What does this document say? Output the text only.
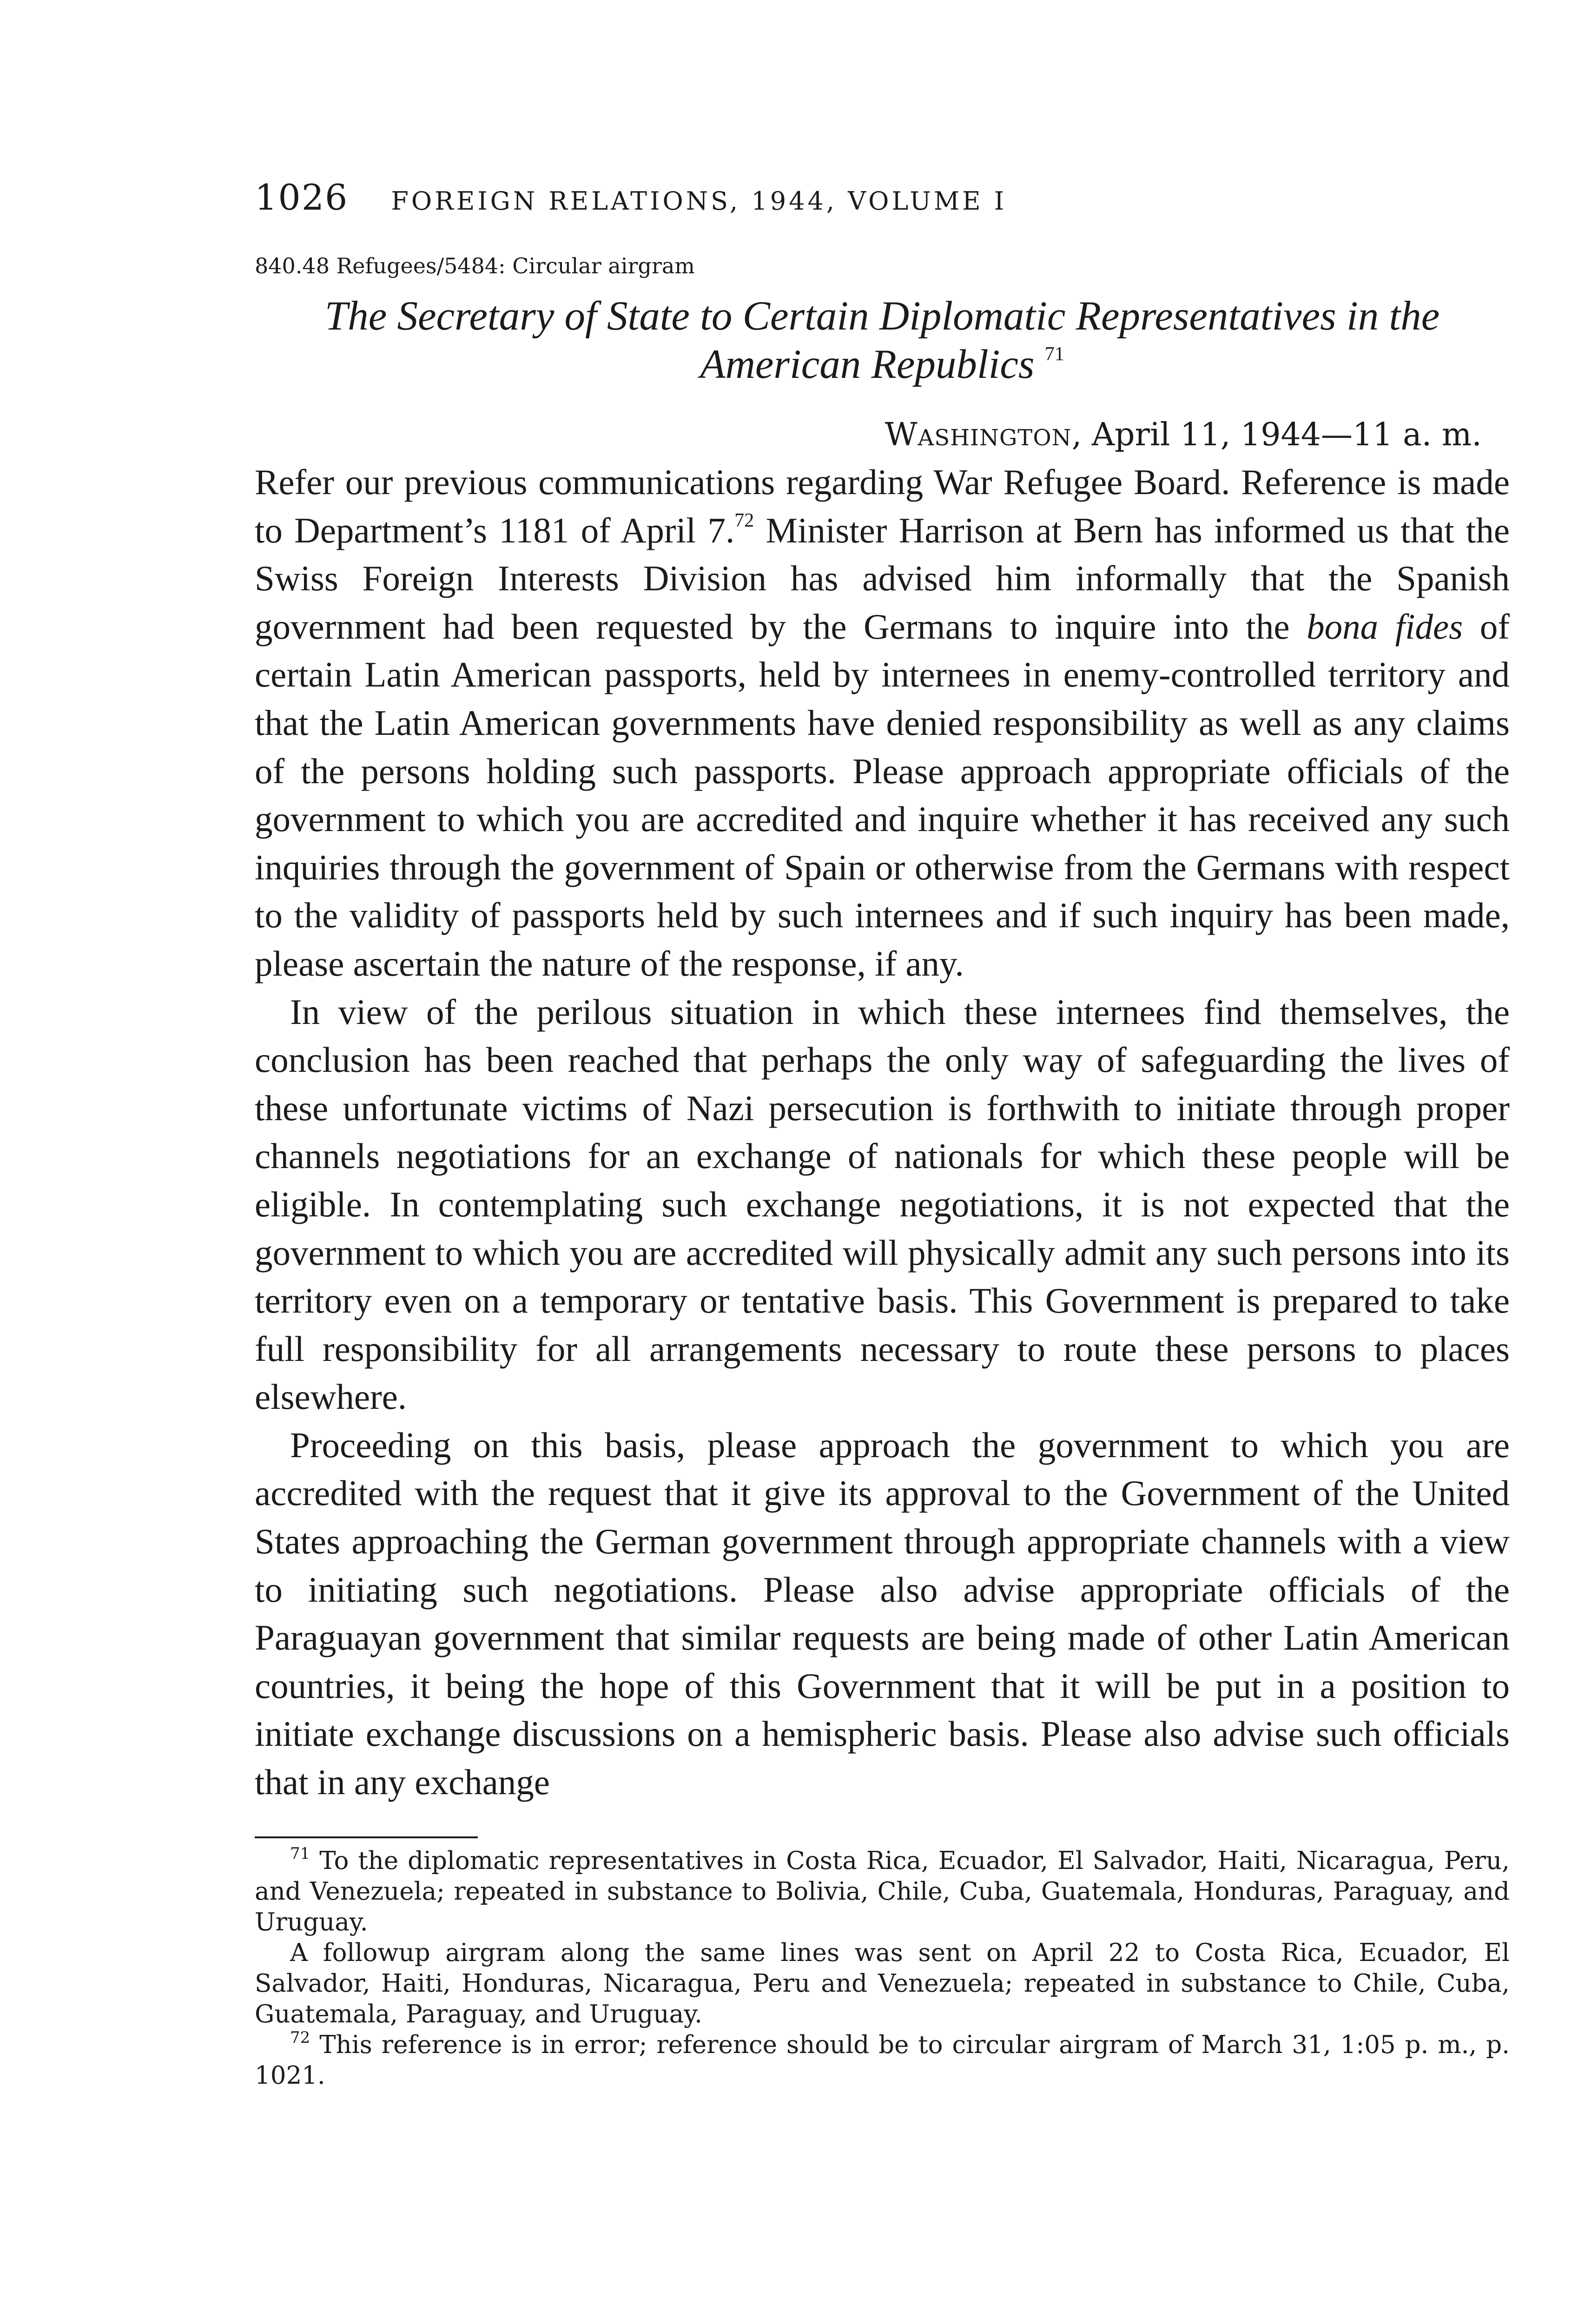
1026 FOREIGN RELATIONS, 1944, VOLUME I
840.48 Refugees/5484: Circular airgram
The Secretary of State to Certain Diplomatic Representatives in the
American Republics $^{71}$
Washington, April 11, 1944—11 a. m.

Refer our previous communications regarding War Refugee Board. Reference is made to Department’s 1181 of April 7.72 Minister Harrison at Bern has informed us that the Swiss Foreign Interests Division has advised him informally that the Spanish government had been requested by the Germans to inquire into the bona fides of certain Latin American passports, held by internees in enemy-controlled territory and that the Latin American governments have denied responsibility as well as any claims of the persons holding such passports. Please approach appropriate officials of the government to which you are accredited and inquire whether it has received any such inquiries through the government of Spain or otherwise from the Germans with respect to the validity of passports held by such internees and if such inquiry has been made, please ascertain the nature of the response, if any.

In view of the perilous situation in which these internees find themselves, the conclusion has been reached that perhaps the only way of safeguarding the lives of these unfortunate victims of Nazi persecution is forthwith to initiate through proper channels negotiations for an exchange of nationals for which these people will be eligible. In contemplating such exchange negotiations, it is not expected that the government to which you are accredited will physically admit any such persons into its territory even on a temporary or tentative basis. This Government is prepared to take full responsibility for all arrangements necessary to route these persons to places elsewhere.

Proceeding on this basis, please approach the government to which you are accredited with the request that it give its approval to the Government of the United States approaching the German government through appropriate channels with a view to initiating such negotiations. Please also advise appropriate officials of the Paraguayan government that similar requests are being made of other Latin American countries, it being the hope of this Government that it will be put in a position to initiate exchange discussions on a hemispheric basis. Please also advise such officials that in any exchange

$^{71}$ To the diplomatic representatives in Costa Rica, Ecuador, El Salvador, Haiti, Nicaragua, Peru, and Venezuela; repeated in substance to Bolivia, Chile, Cuba, Guatemala, Honduras, Paraguay, and Uruguay.

A followup airgram along the same lines was sent on April 22 to Costa Rica, Ecuador, El Salvador, Haiti, Honduras, Nicaragua, Peru and Venezuela; repeated in substance to Chile, Cuba, Guatemala, Paraguay, and Uruguay.

$^{72}$ This reference is in error; reference should be to circular airgram of March 31, 1:05 p. m., p. 1021.
